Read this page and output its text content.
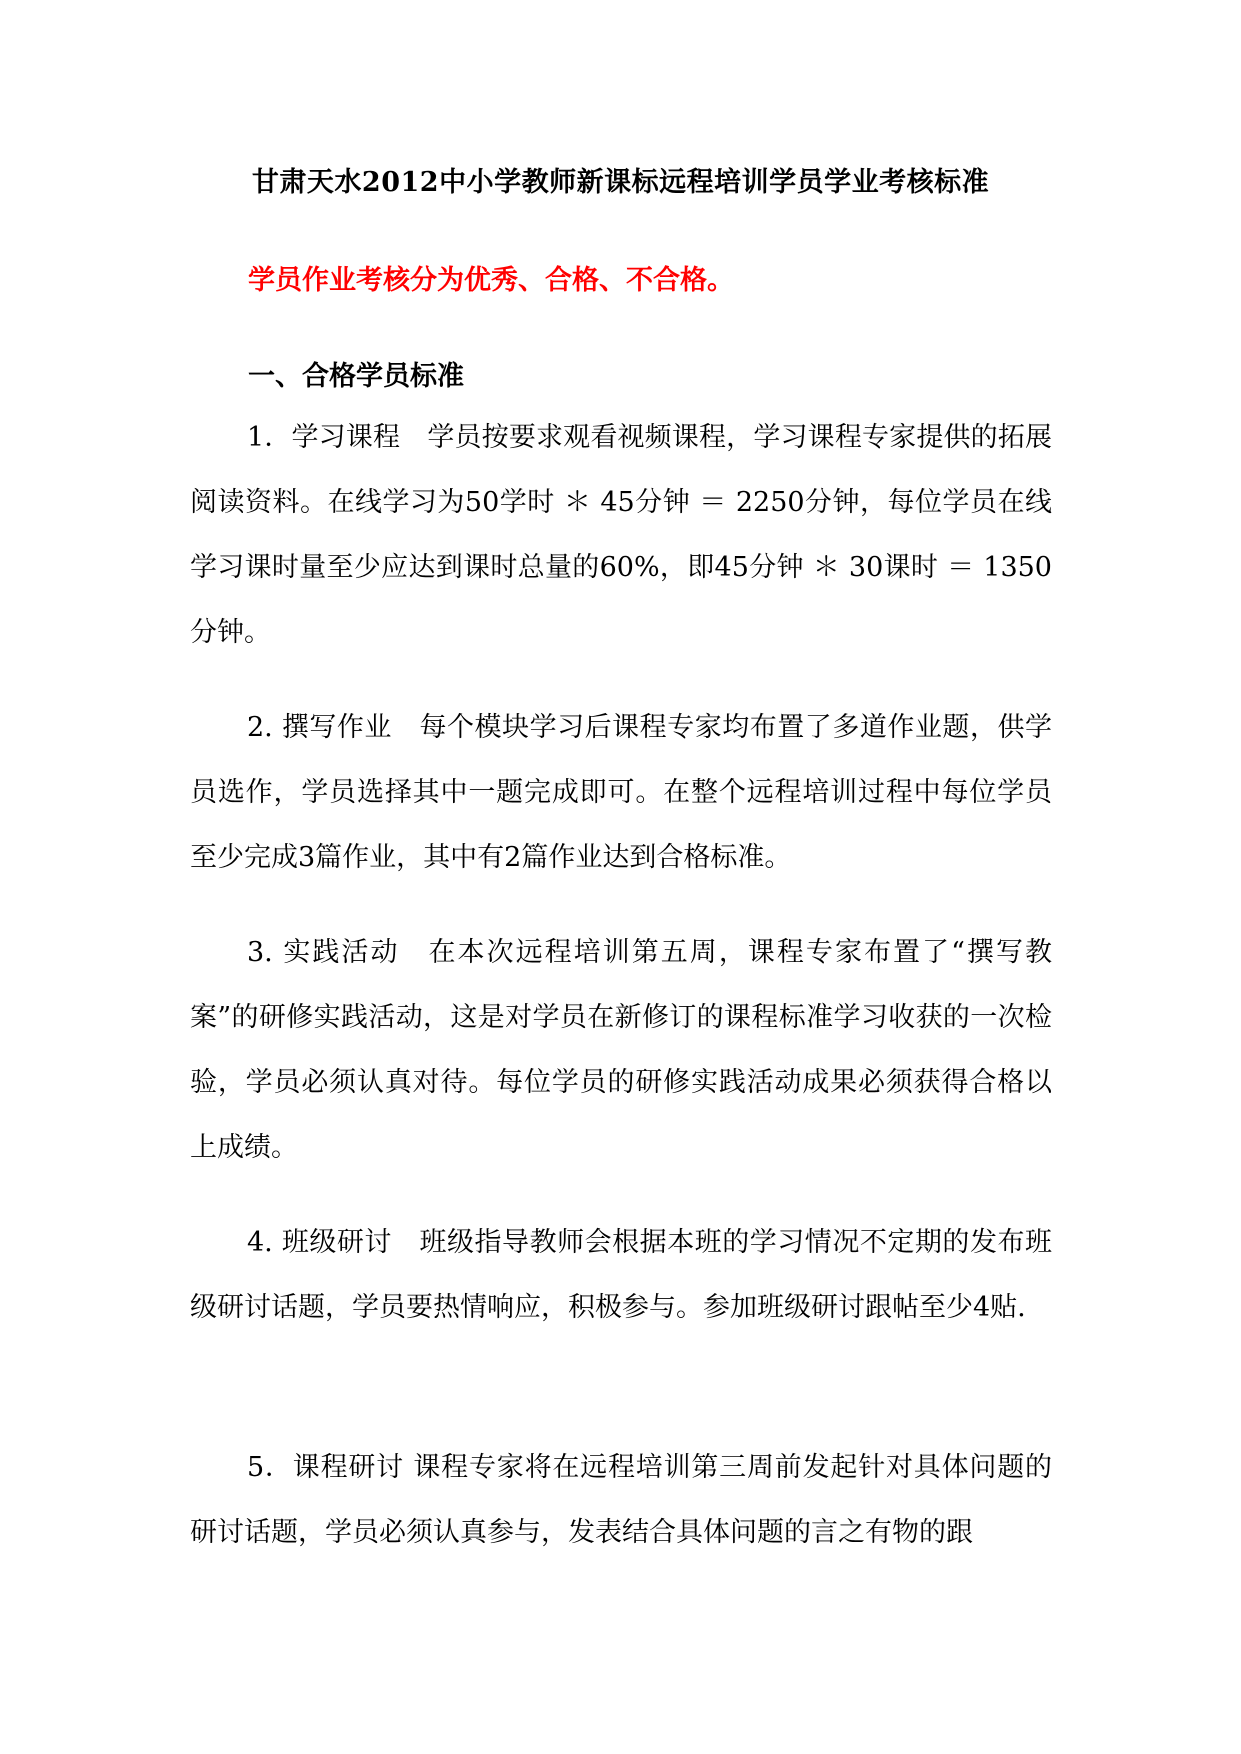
甘肃天水2012中小学教师新课标远程培训学员学业考核标准
学员作业考核分为优秀、合格、不合格。
一、合格学员标准

1．学习课程　学员按要求观看视频课程，学习课程专家提供的拓展阅读资料。在线学习为50学时 ＊ 45分钟 ＝ 2250分钟，每位学员在线学习课时量至少应达到课时总量的60%，即45分钟 ＊ 30课时 ＝ 1350分钟。

2. 撰写作业　每个模块学习后课程专家均布置了多道作业题，供学员选作，学员选择其中一题完成即可。在整个远程培训过程中每位学员至少完成3篇作业，其中有2篇作业达到合格标准。

3. 实践活动　在本次远程培训第五周，课程专家布置了“撰写教案”的研修实践活动，这是对学员在新修订的课程标准学习收获的一次检验，学员必须认真对待。每位学员的研修实践活动成果必须获得合格以上成绩。

4. 班级研讨　班级指导教师会根据本班的学习情况不定期的发布班级研讨话题，学员要热情响应，积极参与。参加班级研讨跟帖至少4贴.

5．课程研讨 课程专家将在远程培训第三周前发起针对具体问题的研讨话题，学员必须认真参与，发表结合具体问题的言之有物的跟
